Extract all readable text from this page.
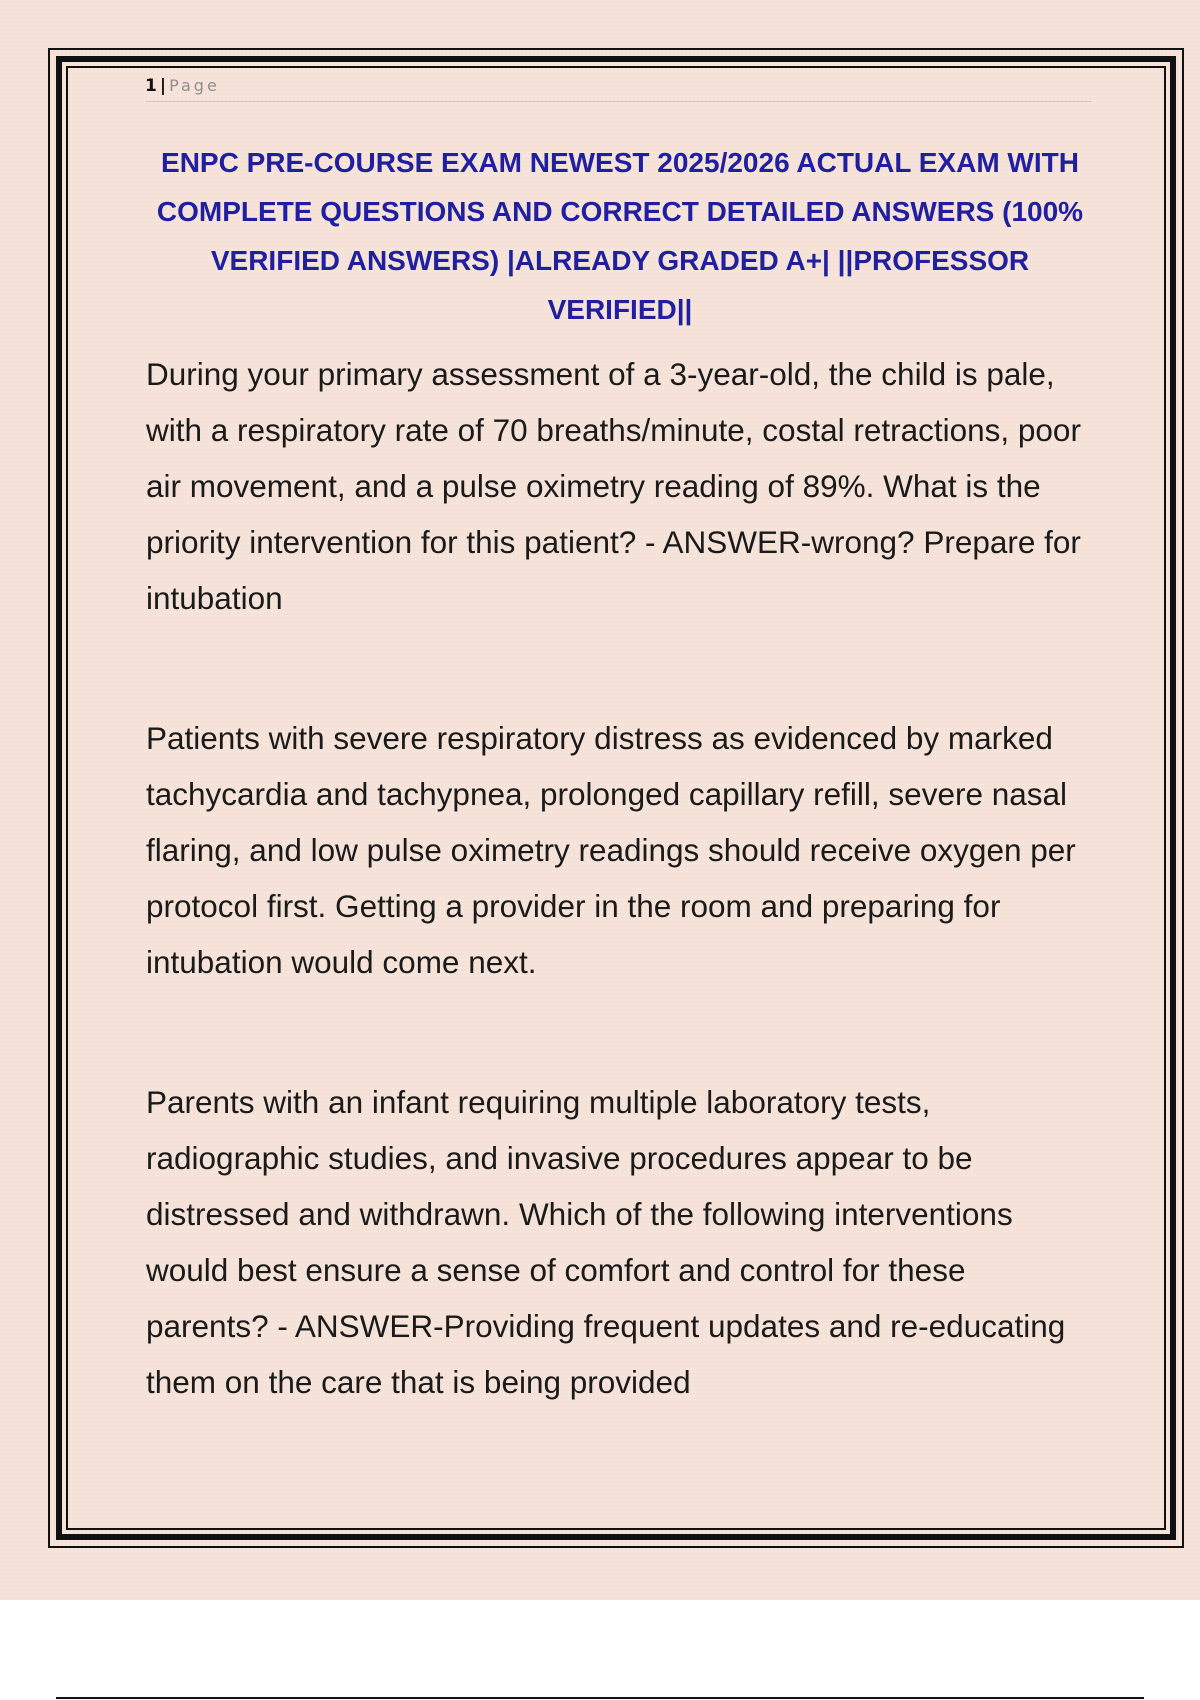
1 | Page
ENPC PRE-COURSE EXAM NEWEST 2025/2026 ACTUAL EXAM WITH COMPLETE QUESTIONS AND CORRECT DETAILED ANSWERS (100% VERIFIED ANSWERS) |ALREADY GRADED A+| ||PROFESSOR VERIFIED||

During your primary assessment of a 3-year-old, the child is pale, with a respiratory rate of 70 breaths/minute, costal retractions, poor air movement, and a pulse oximetry reading of 89%. What is the priority intervention for this patient? - ANSWER-wrong? Prepare for intubation

Patients with severe respiratory distress as evidenced by marked tachycardia and tachypnea, prolonged capillary refill, severe nasal flaring, and low pulse oximetry readings should receive oxygen per protocol first. Getting a provider in the room and preparing for intubation would come next.

Parents with an infant requiring multiple laboratory tests, radiographic studies, and invasive procedures appear to be distressed and withdrawn. Which of the following interventions would best ensure a sense of comfort and control for these parents? - ANSWER-Providing frequent updates and re-educating them on the care that is being provided
